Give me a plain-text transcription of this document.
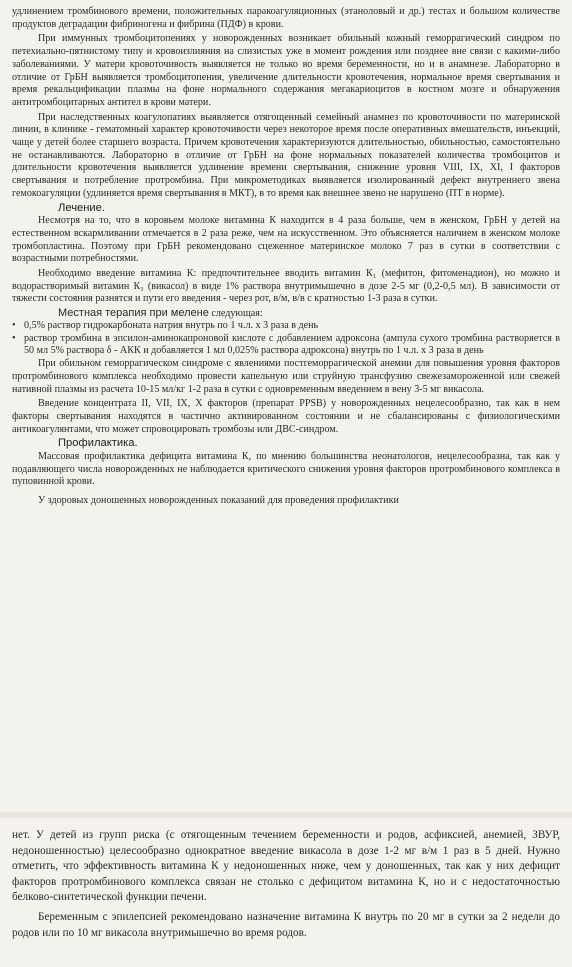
удлинением тромбинового времени, положительных паракоагуляционных (этаноловый и др.) тестах и большом количестве продуктов деградации фибриногена и фибрина (ПДФ) в крови.

При иммунных тромбоцитопениях у новорожденных возникает обильный кожный геморрагический синдром по петехиально-пятнистому типу и кровоизлияния на слизистых уже в момент рождения или позднее вне связи с какими-либо заболеваниями. У матери кровоточивость выявляется не только во время беременности, но и в анамнезе. Лабораторно в отличие от ГрБН выявляется тромбоцитопения, увеличение длительности кровотечения, нормальное время свертывания и время рекальцификации плазмы на фоне нормального содержания мегакариоцитов в костном мозге и обнаружения антитромбоцитарных антител в крови матери.

При наследственных коагулопатиях выявляется отягощенный семейный анамнез по кровоточивости по материнской линии, в клинике - гематомный характер кровоточивости через некоторое время после оперативных вмешательств, инъекций, чаще у детей более старшего возраста. Причем кровотечения характеризуются длительностью, обильностью, самостоятельно не останавливаются. Лабораторно в отличие от ГрБН на фоне нормальных показателей количества тромбоцитов и длительности кровотечения выявляется удлинение времени свертывания, снижение уровня VIII, IX, XI, I факторов свертывания и потребление протромбина. При микрометодиках выявляется изолированный дефект внутреннего звена гемокоагуляции (удлиняется время свертывания в МКТ), в то время как внешнее звено не нарушено (ПТ в норме).

Лечение.

Несмотря на то, что в коровьем молоке витамина К находится в 4 раза больше, чем в женском, ГрБН у детей на естественном вскармливании отмечается в 2 раза реже, чем на искусственном. Это объясняется наличием в женском молоке тромбопластина. Поэтому при ГрБН рекомендовано сцеженное материнское молоко 7 раз в сутки в соответствии с возрастными потребностями.

Необходимо введение витамина К: предпочтительнее вводить витамин К₁ (мефитон, фитоменадион), но можно и водорастворимый витамин К₃ (викасол) в виде 1% раствора внутримышечно в дозе 2-5 мг (0,2-0,5 мл). В зависимости от тяжести состояния разнятся и пути его введения - через рот, в/м, в/в с кратностью 1-3 раза в сутки.

Местная терапия при мелене следующая:
• 0,5% раствор гидрокарбоната натрия внутрь по 1 ч.л. х 3 раза в день
• раствор тромбина в эпсилон-аминокапроновой кислоте с добавлением адроксона (ампула сухого тромбина растворяется в 50 мл 5% раствора δ - АКК и добавляется 1 мл 0,025% раствора адроксона) внутрь по 1 ч.л. х 3 раза в день

При обильном геморрагическом синдроме с явлениями постгеморрагической анемии для повышения уровня факторов протромбинового комплекса необходимо провести капельную или струйную трансфузию свежезамороженной или свежей нативной плазмы из расчета 10-15 мл/кг 1-2 раза в сутки с одновременным введением в вену 3-5 мг викасола.

Введение концентрата II, VII, IX, X факторов (препарат PPSB) у новорожденных нецелесообразно, так как в нем факторы свертывания находятся в частично активированном состоянии и не сбалансированы с физиологическими антикоагулянтами, что может спровоцировать тромбозы или ДВС-синдром.

Профилактика.

Массовая профилактика дефицита витамина К, по мнению большинства неонатологов, нецелесообразна, так как у подавляющего числа новорожденных не наблюдается критического снижения уровня факторов протромбинового комплекса в пуповинной крови.

У здоровых доношенных новорожденных показаний для проведения профилактики

нет. У детей из групп риска (с отягощенным течением беременности и родов, асфиксией, анемией, ЗВУР, недоношенностью) целесообразно однократное введение викасола в дозе 1-2 мг в/м 1 раз в 5 дней. Нужно отметить, что эффективность витамина К у недоношенных ниже, чем у доношенных, так как у них дефицит факторов протромбинового комплекса связан не столько с дефицитом витамина К, но и с недостаточностью белково-синтетической функции печени.

Беременным с эпилепсией рекомендовано назначение витамина К внутрь по 20 мг в сутки за 2 недели до родов или по 10 мг викасола внутримышечно во время родов.
